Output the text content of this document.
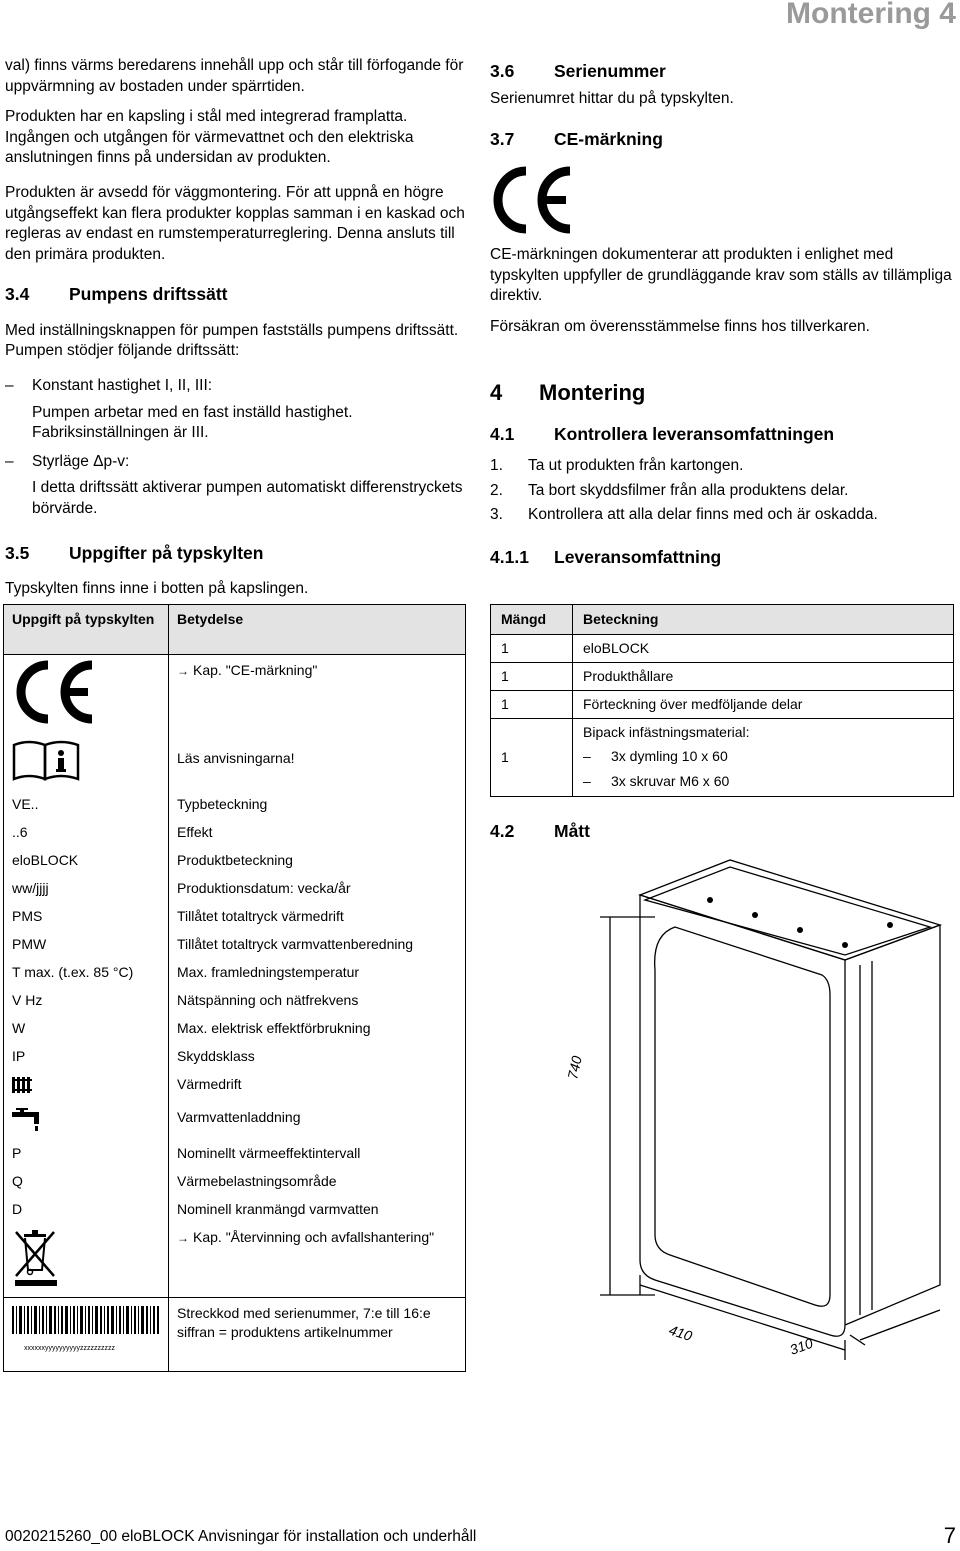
Montering 4

val) finns värms beredarens innehåll upp och står till förfogande för uppvärmning av bostaden under spärrtiden.

Produkten har en kapsling i stål med integrerad framplatta. Ingången och utgången för värmevattnet och den elektriska anslutningen finns på undersidan av produkten.

Produkten är avsedd för väggmontering. För att uppnå en högre utgångseffekt kan flera produkter kopplas samman i en kaskad och regleras av endast en rumstemperaturreglering. Denna ansluts till den primära produkten.

3.4	Pumpens driftssätt

Med inställningsknappen för pumpen fastställs pumpens driftssätt. Pumpen stödjer följande driftssätt:

–	Konstant hastighet I, II, III:
Pumpen arbetar med en fast inställd hastighet. Fabriksinställningen är III.
–	Styrläge Δp-v:
I detta driftssätt aktiverar pumpen automatiskt differenstryckets börvärde.
3.5	Uppgifter på typskylten

Typskylten finns inne i botten på kapslingen.

Uppgift på typskylten	Betydelse
	→ Kap. "CE-märkning"
	Läs anvisningarna!
VE..	Typbeteckning
..6	Effekt
eloBLOCK	Produktbeteckning
ww/jjjj	Produktionsdatum: vecka/år
PMS	Tillåtet totaltryck värmedrift
PMW	Tillåtet totaltryck varmvattenberedning
T max. (t.ex. 85 °C)	Max. framledningstemperatur
V Hz	Nätspänning och nätfrekvens
W	Max. elektrisk effektförbrukning
IP	Skyddsklass
	Värmedrift
	Varmvattenladdning
P	Nominellt värmeeffektintervall
Q	Värmebelastningsområde
D	Nominell kranmängd varmvatten
	→ Kap. "Återvinning och avfallshantering"

xxxxxxyyyyyyyyyyzzzzzzzzzz	Streckkod med serienummer, 7:e till 16:e siffran = produktens artikelnummer
3.6	Serienummer

Serienumret hittar du på typskylten.

3.7	CE-märkning

CE-märkningen dokumenterar att produkten i enlighet med typskylten uppfyller de grundläggande krav som ställs av tillämpliga direktiv.

Försäkran om överensstämmelse finns hos tillverkaren.

4	Montering
4.1	Kontrollera leveransomfattningen
1.	Ta ut produkten från kartongen.
2.	Ta bort skyddsfilmer från alla produktens delar.
3.	Kontrollera att alla delar finns med och är oskadda.
4.1.1	Leveransomfattning
Mängd	Beteckning
1	eloBLOCK
1	Produkthållare
1	Förteckning över medföljande delar
1	Bipack infästningsmaterial:
– 3x dymling 10 x 60
– 3x skruvar M6 x 60
4.2	Mått
740
410
310
0020215260_00 eloBLOCK Anvisningar för installation och underhåll	7
